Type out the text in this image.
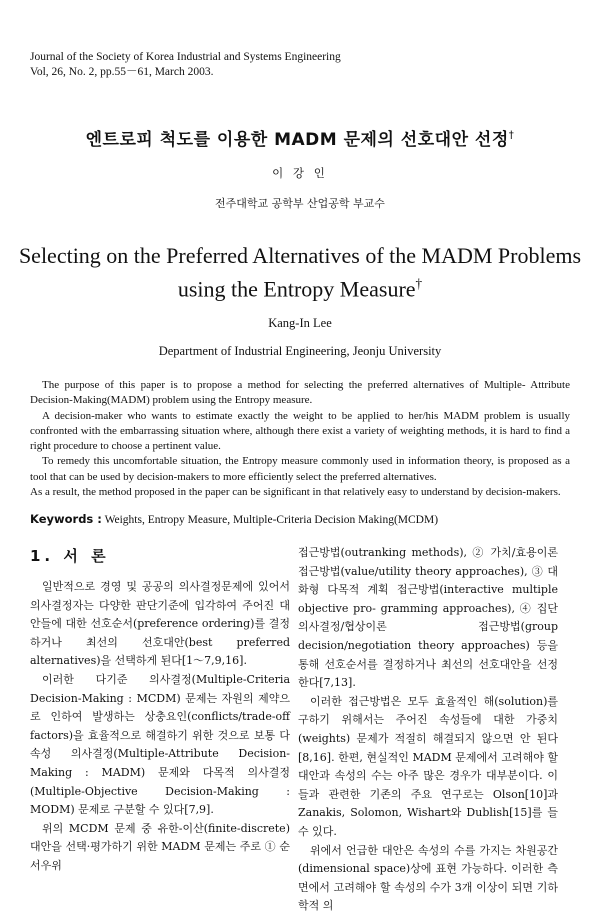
Journal of the Society of Korea Industrial and Systems Engineering
Vol, 26, No. 2, pp.55－61, March 2003.
엔트로피 척도를 이용한 MADM 문제의 선호대안 선정†
이 강 인
전주대학교 공학부 산업공학 부교수
Selecting on the Preferred Alternatives of the MADM Problems
using the Entropy Measure†
Kang-In Lee
Department of Industrial Engineering, Jeonju University

The purpose of this paper is to propose a method for selecting the preferred alternatives of Multiple- Attribute Decision-Making(MADM) problem using the Entropy measure.

A decision-maker who wants to estimate exactly the weight to be applied to her/his MADM problem is usually confronted with the embarrassing situation where, although there exist a variety of weighting methods, it is hard to find a right procedure to choose a pertinent value.

To remedy this uncomfortable situation, the Entropy measure commonly used in information theory, is proposed as a tool that can be used by decision-makers to more efficiently select the preferred alternatives.

As a result, the method proposed in the paper can be significant in that relatively easy to understand by decision-makers.

Keywords : Weights, Entropy Measure, Multiple-Criteria Decision Making(MCDM)
1. 서 론

일반적으로 경영 및 공공의 의사결정문제에 있어서 의사결정자는 다양한 판단기준에 입각하여 주어진 대안들에 대한 선호순서(preference ordering)를 결정하거나 최선의 선호대안(best preferred alternatives)을 선택하게 된다[1～7,9,16].

이러한 다기준 의사결정(Multiple-Criteria Decision-Making : MCDM) 문제는 자원의 제약으로 인하여 발생하는 상충요인(conflicts/trade-off factors)을 효율적으로 해결하기 위한 것으로 보통 다속성 의사결정(Multiple-Attribute Decision-Making : MADM) 문제와 다목적 의사결정(Multiple-Objective Decision-Making : MODM) 문제로 구분할 수 있다[7,9].

위의 MCDM 문제 중 유한-이산(finite-discrete) 대안을 선택·평가하기 위한 MADM 문제는 주로 ① 순서우위

접근방법(outranking methods), ② 가치/효용이론 접근방법(value/utility theory approaches), ③ 대화형 다목적 계획 접근방법(interactive multiple objective pro- gramming approaches), ④ 집단의사결정/협상이론 접근방법(group decision/negotiation theory approaches) 등을 통해 선호순서를 결정하거나 최선의 선호대안을 선정한다[7,13].

이러한 접근방법은 모두 효율적인 해(solution)를 구하기 위해서는 주어진 속성들에 대한 가중치(weights) 문제가 적절히 해결되지 않으면 안 된다[8,16]. 한편, 현실적인 MADM 문제에서 고려해야 할 대안과 속성의 수는 아주 많은 경우가 대부분이다. 이들과 관련한 기존의 주요 연구로는 Olson[10]과 Zanakis, Solomon, Wishart와 Dublish[15]를 들 수 있다.

위에서 언급한 대안은 속성의 수를 가지는 차원공간(dimensional space)상에 표현 가능하다. 이러한 측면에서 고려해야 할 속성의 수가 3개 이상이 되면 기하학적 의
